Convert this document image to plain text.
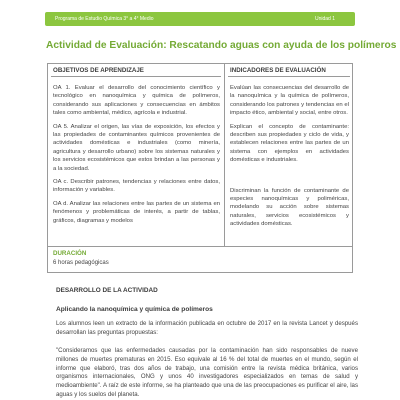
Programa de Estudio Química 3° a 4° Medio	Unidad 1
Actividad de Evaluación: Rescatando aguas con ayuda de los polímeros
OBJETIVOS DE APRENDIZAJE	INDICADORES DE EVALUACIÓN

OA 1. Evaluar el desarrollo del conocimiento científico y tecnológico en nanoquímica y química de polímeros, considerando sus aplicaciones y consecuencias en ámbitos tales como ambiental, médico, agrícola e industrial.

OA 5. Analizar el origen, las vías de exposición, los efectos y las propiedades de contaminantes químicos provenientes de actividades domésticas e industriales (como minería, agricultura y desarrollo urbano) sobre los sistemas naturales y los servicios ecosistémicos que estos brindan a las personas y a la sociedad.

OA c. Describir patrones, tendencias y relaciones entre datos, información y variables.

OA d. Analizar las relaciones entre las partes de un sistema en fenómenos y problemáticas de interés, a partir de tablas, gráficos, diagramas y modelos

Evalúan las consecuencias del desarrollo de la nanoquímica y la química de polímeros, considerando los patrones y tendencias en el impacto ético, ambiental y social, entre otros.

Explican el concepto de contaminante: describen sus propiedades y ciclo de vida, y establecen relaciones entre las partes de un sistema con ejemplos en actividades domésticas e industriales.

Discriminan la función de contaminante de especies nanoquímicas y poliméricas, modelando su acción sobre sistemas naturales, servicios ecosistémicos y actividades domésticas.

DURACIÓN
6 horas pedagógicas
DESARROLLO DE LA ACTIVIDAD
Aplicando la nanoquímica y química de polímeros

Los alumnos leen un extracto de la información publicada en octubre de 2017 en la revista Lancet y después desarrollan las preguntas propuestas:

"Consideramos que las enfermedades causadas por la contaminación han sido responsables de nueve millones de muertes prematuras en 2015. Eso equivale al 16 % del total de muertes en el mundo, según el informe que elaboró, tras dos años de trabajo, una comisión entre la revista médica británica, varios organismos internacionales, ONG y unos 40 investigadores especializados en temas de salud y medioambiente". A raíz de este informe, se ha planteado que una de las preocupaciones es purificar el aire, las aguas y los suelos del planeta.
